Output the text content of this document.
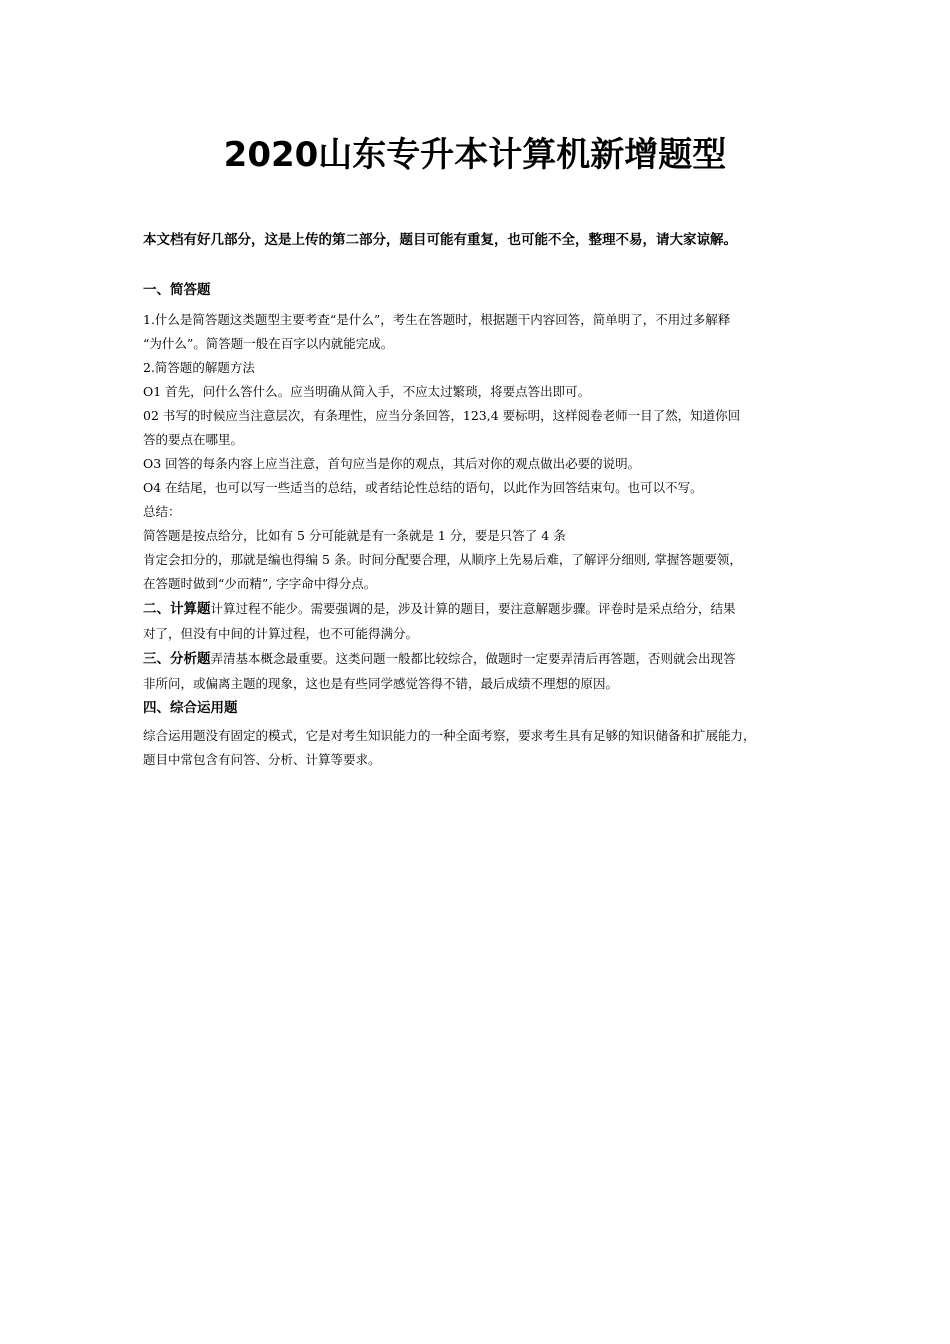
2020山东专升本计算机新增题型
本文档有好几部分，这是上传的第二部分，题目可能有重复，也可能不全，整理不易，请大家谅解。
一、简答题

1.什么是简答题这类题型主要考查“是什么”，考生在答题时，根据题干内容回答，简单明了，不用过多解释

“为什么”。简答题一般在百字以内就能完成。

2.简答题的解题方法

O1 首先，问什么答什么。应当明确从简入手，不应太过繁琐，将要点答出即可。

02 书写的时候应当注意层次，有条理性，应当分条回答，123,4 要标明，这样阅卷老师一目了然，知道你回

答的要点在哪里。

O3 回答的每条内容上应当注意，首句应当是你的观点，其后对你的观点做出必要的说明。

O4 在结尾，也可以写一些适当的总结，或者结论性总结的语句，以此作为回答结束句。也可以不写。

总结：

简答题是按点给分，比如有 5 分可能就是有一条就是 1 分，要是只答了 4 条

肯定会扣分的，那就是编也得编 5 条。时间分配要合理，从顺序上先易后难，了解评分细则, 掌握答题要领，

在答题时做到“少而精”, 字字命中得分点。

二、计算题计算过程不能少。需要强调的是，涉及计算的题目，要注意解题步骤。评卷时是采点给分，结果

对了，但没有中间的计算过程，也不可能得满分。

三、分析题弄清基本概念最重要。这类问题一般都比较综合，做题时一定要弄清后再答题，否则就会出现答

非所问，或偏离主题的现象，这也是有些同学感觉答得不错，最后成绩不理想的原因。

四、综合运用题

综合运用题没有固定的模式，它是对考生知识能力的一种全面考察，要求考生具有足够的知识储备和扩展能力，

题目中常包含有问答、分析、计算等要求。
